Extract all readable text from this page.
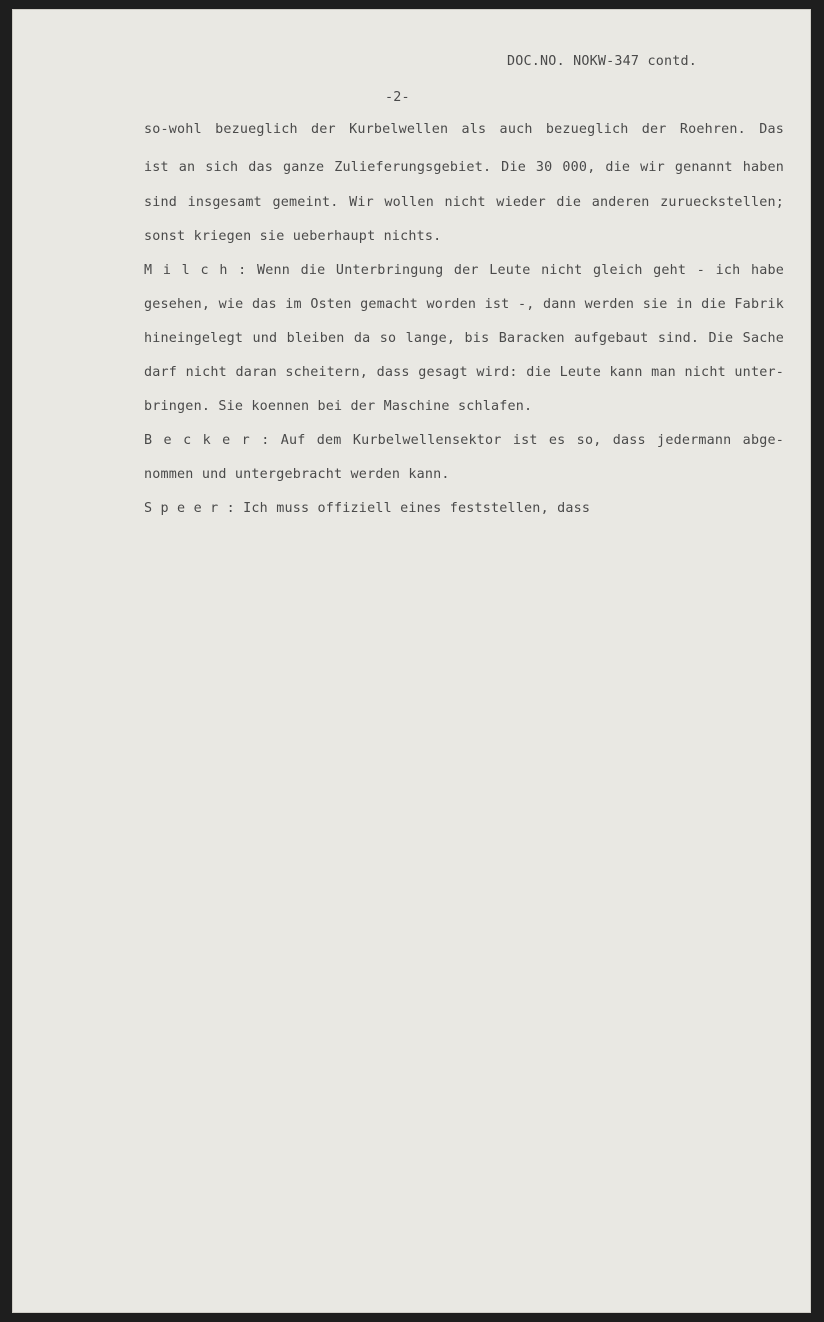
DOC.NO. NOKW-347 contd.
-2-
so-wohl bezueglich der Kurbelwellen als auch bezueglich der Roehren. Das
ist an sich das ganze Zulieferungsgebiet. Die 30 000, die wir genannt haben
sind insgesamt gemeint. Wir wollen nicht wieder die anderen zurueckstellen;
sonst kriegen sie ueberhaupt nichts.
M i l c h : Wenn die Unterbringung der Leute nicht gleich geht - ich habe
gesehen, wie das im Osten gemacht worden ist -, dann werden sie in die Fabrik
hineingelegt und bleiben da so lange, bis Baracken aufgebaut sind. Die Sache
darf nicht daran scheitern, dass gesagt wird: die Leute kann man nicht unter-
bringen. Sie koennen bei der Maschine schlafen.
B e c k e r : Auf dem Kurbelwellensektor ist es so, dass jedermann abge-
nommen und untergebracht werden kann.
S p e e r : Ich muss offiziell eines feststellen, dass
